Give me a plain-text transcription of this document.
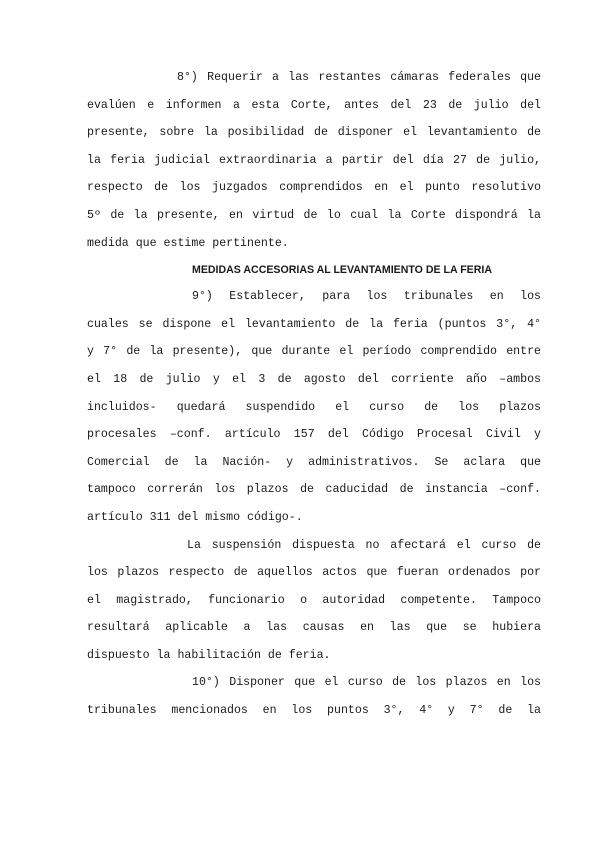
8°) Requerir a las restantes cámaras federales que
evalúen e informen a esta Corte, antes del 23 de julio del
presente, sobre la posibilidad de disponer el levantamiento de
la feria judicial extraordinaria a partir del día 27 de julio,
respecto de los juzgados comprendidos en el punto resolutivo
5º de la presente, en virtud de lo cual la Corte dispondrá la
medida que estime pertinente.
MEDIDAS ACCESORIAS AL LEVANTAMIENTO DE LA FERIA
9°) Establecer, para los tribunales en los
cuales se dispone el levantamiento de la feria (puntos 3°, 4°
y 7° de la presente), que durante el período comprendido entre
el 18 de julio y el 3 de agosto del corriente año –ambos
incluidos- quedará suspendido el curso de los plazos
procesales –conf. artículo 157 del Código Procesal Civil y
Comercial de la Nación- y administrativos. Se aclara que
tampoco correrán los plazos de caducidad de instancia –conf.
artículo 311 del mismo código-.
La suspensión dispuesta no afectará el curso de
los plazos respecto de aquellos actos que fueran ordenados por
el magistrado, funcionario o autoridad competente. Tampoco
resultará aplicable a las causas en las que se hubiera
dispuesto la habilitación de feria.
10°) Disponer que el curso de los plazos en los
tribunales mencionados en los puntos 3°, 4° y 7° de la
